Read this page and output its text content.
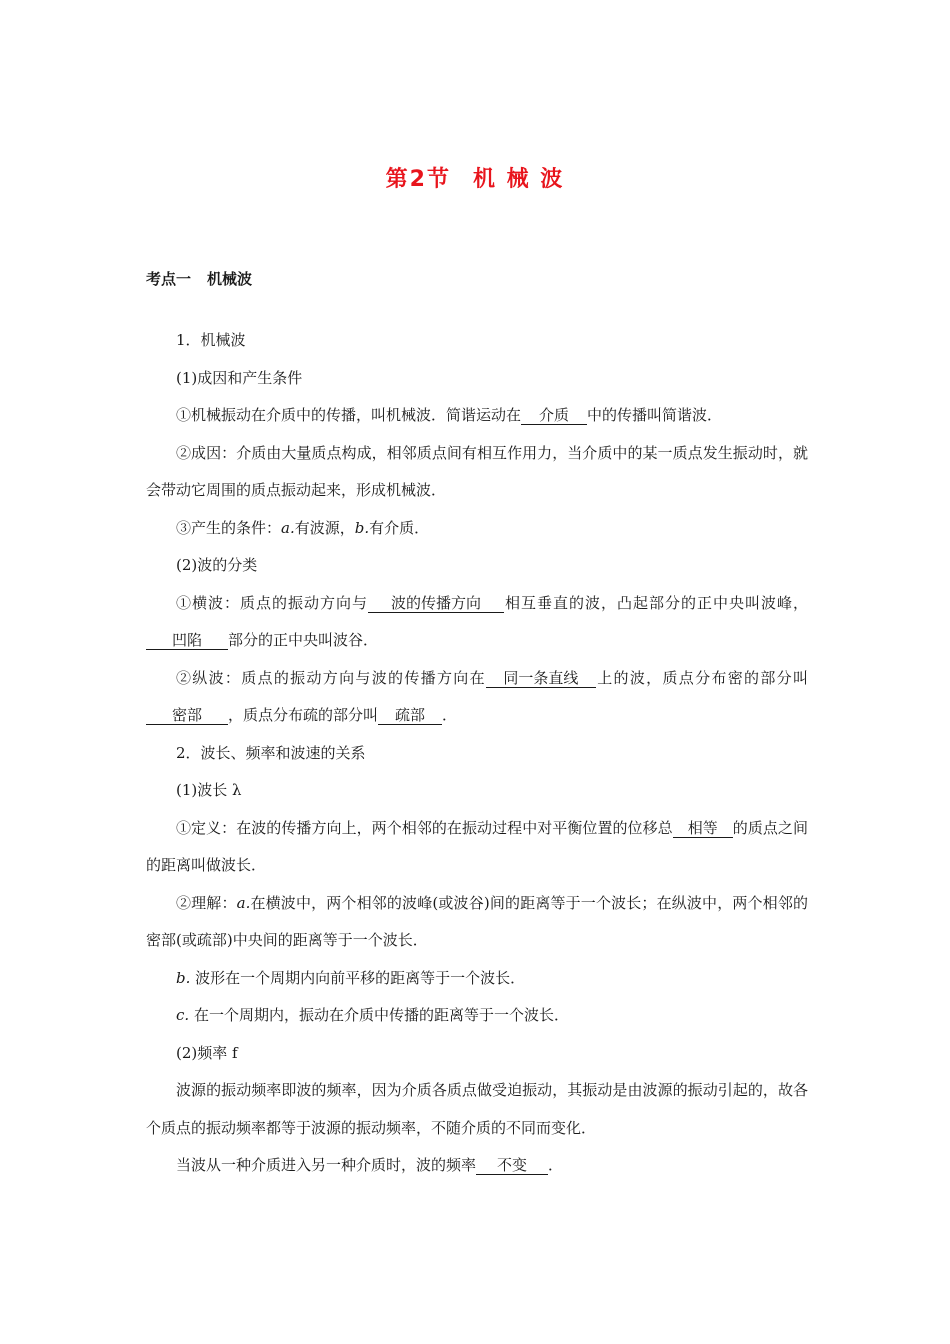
第2节 机 械 波
考点一 机械波

1．机械波

(1)成因和产生条件

①机械振动在介质中的传播，叫机械波．简谐运动在 介质 中的传播叫简谐波．

②成因：介质由大量质点构成，相邻质点间有相互作用力，当介质中的某一质点发生振动时，就会带动它周围的质点振动起来，形成机械波．

③产生的条件：a.有波源，b.有介质．

(2)波的分类

①横波：质点的振动方向与 波的传播方向 相互垂直的波，凸起部分的正中央叫波峰，凹陷 部分的正中央叫波谷．

②纵波：质点的振动方向与波的传播方向在 同一条直线 上的波，质点分布密的部分叫密部 ，质点分布疏的部分叫 疏部 ．

2．波长、频率和波速的关系

(1)波长 λ

①定义：在波的传播方向上，两个相邻的在振动过程中对平衡位置的位移总 相等 的质点之间的距离叫做波长．

②理解：a.在横波中，两个相邻的波峰(或波谷)间的距离等于一个波长；在纵波中，两个相邻的密部(或疏部)中央间的距离等于一个波长．

b. 波形在一个周期内向前平移的距离等于一个波长．

c. 在一个周期内，振动在介质中传播的距离等于一个波长．

(2)频率 f

波源的振动频率即波的频率，因为介质各质点做受迫振动，其振动是由波源的振动引起的，故各个质点的振动频率都等于波源的振动频率，不随介质的不同而变化．

当波从一种介质进入另一种介质时，波的频率 不变 ．
